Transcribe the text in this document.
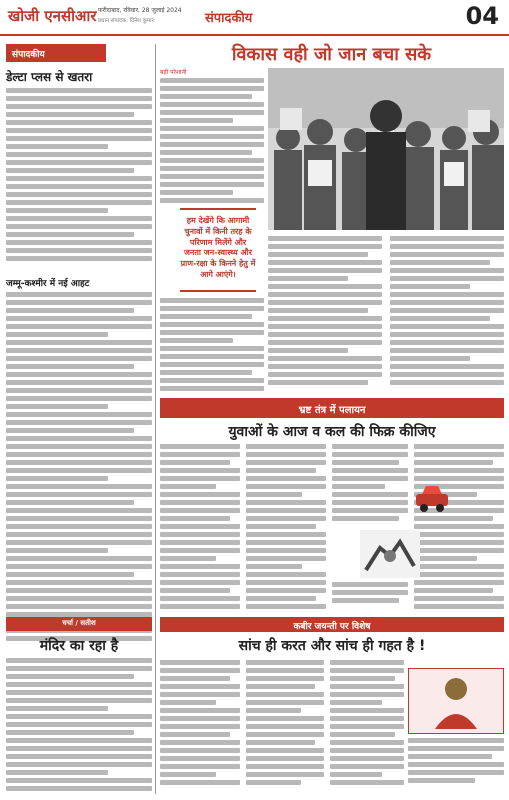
खोजी एनसीआर फरीदाबाद, रविवार, 28 जुलाई 2024
प्रधान संपादक: दिनेश कुमार	संपादकीय	04
संपादकीय
डेल्टा प्लस से खतरा
जम्मू-कश्मीर में नई आहट
चर्चा / सतीश
मंदिर का रहा है
विकास वही जो जान बचा सके
बड़ी परेशानी
हम देखेंगे कि आगामी चुनावों में किनी तरह के परिणाम मिलेंगे और जनता जन-स्वास्थ्य और प्राण-रक्षा के किनने हेतु में आगे आएंगे।
भ्रष्ट तंत्र में पलायन
युवाओं के आज व कल की फिक्र कीजिए
कबीर जयन्ती पर विशेष
सांच ही करत और सांच ही गहत है !
